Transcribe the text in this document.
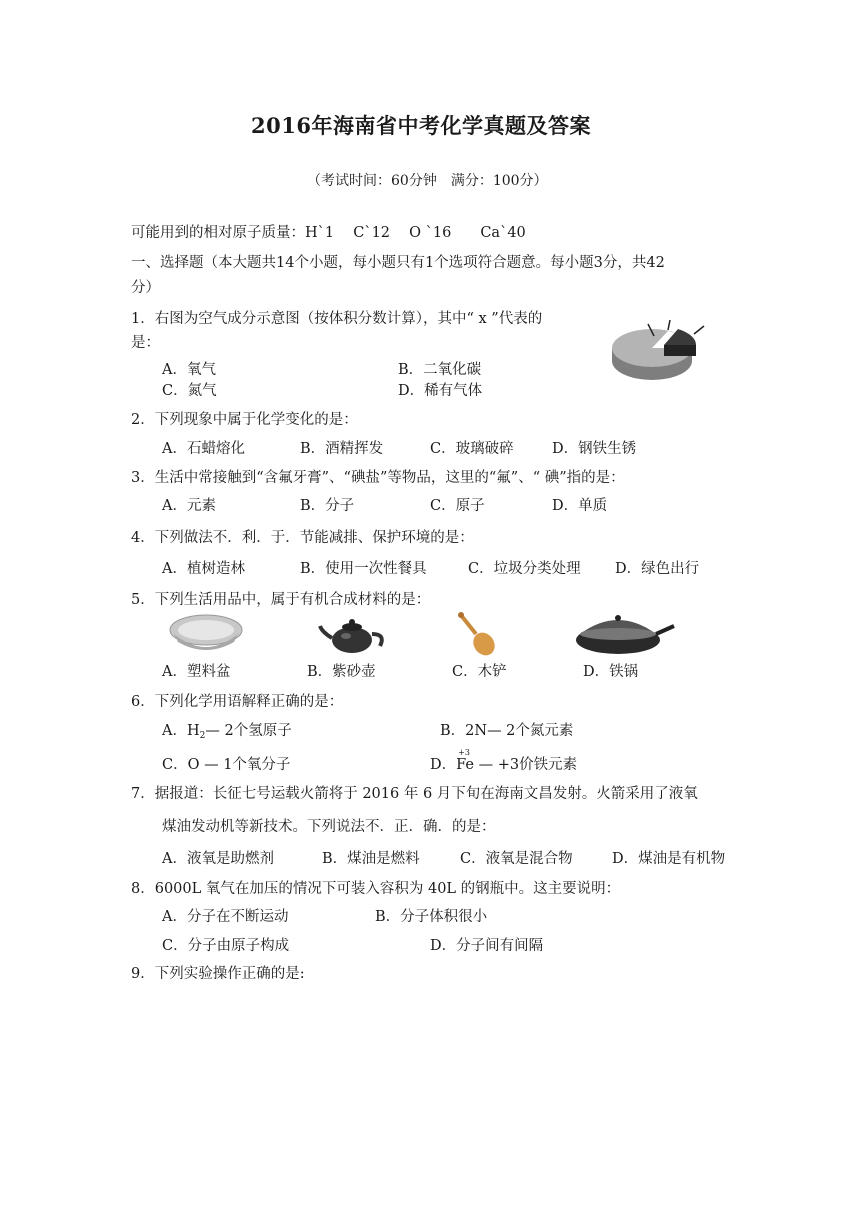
2016年海南省中考化学真题及答案
（考试时间：60分钟　满分：100分）
可能用到的相对原子质量：H`1　 C`12　 O `16　　Ca`40
一、选择题（本大题共14个小题，每小题只有1个选项符合题意。每小题3分，共42
分）
1．右图为空气成分示意图（按体积分数计算），其中“ x ”代表的
是：
A．氧气	B．二氧化碳
C．氮气	D．稀有气体
2．下列现象中属于化学变化的是：
A．石蜡熔化	B．酒精挥发	C．玻璃破碎	D．钢铁生锈
3．生活中常接触到“含氟牙膏”、“碘盐”等物品，这里的“氟”、“ 碘”指的是：
A．元素	B．分子	C．原子	D．单质
4．下列做法不．利．于．节能减排、保护环境的是：
A．植树造林	B．使用一次性餐具	C．垃圾分类处理 D．绿色出行
5．下列生活用品中，属于有机合成材料的是：
A．塑料盆	B．紫砂壶	C．木铲	D．铁锅
6．下列化学用语解释正确的是：
A．$H_2—$ 2个氢原子	B．2N— 2个氮元素
C．O — 1个氧分子	D．
+3
Fe — +3价铁元素
7．据报道：长征七号运载火箭将于 2016 年 6 月下旬在海南文昌发射。火箭采用了液氧
煤油发动机等新技术。下列说法不．正．确．的是：
A．液氧是助燃剂	B．煤油是燃料	C．液氧是混合物	D．煤油是有机物
8．6000L 氧气在加压的情况下可装入容积为 40L 的钢瓶中。这主要说明：
A．分子在不断运动	B．分子体积很小
C．分子由原子构成	D．分子间有间隔
9．下列实验操作正确的是:
